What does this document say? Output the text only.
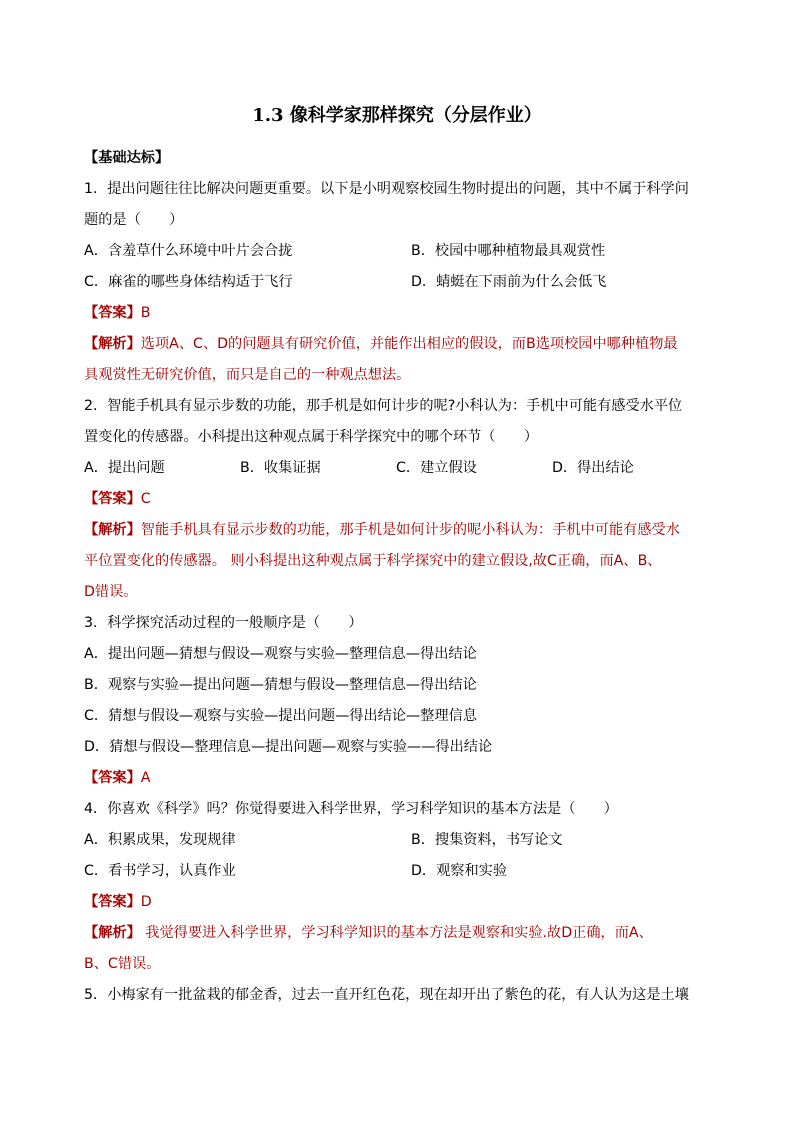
1.3 像科学家那样探究（分层作业）
【基础达标】
1．提出问题往往比解决问题更重要。以下是小明观察校园生物时提出的问题，其中不属于科学问
题的是（　　）
A．含羞草什么环境中叶片会合拢	B．校园中哪种植物最具观赏性
C．麻雀的哪些身体结构适于飞行	D．蜻蜓在下雨前为什么会低飞
【答案】B
【解析】选项A、C、D的问题具有研究价值，并能作出相应的假设，而B选项校园中哪种植物最
具观赏性无研究价值，而只是自己的一种观点想法。
2．智能手机具有显示步数的功能，那手机是如何计步的呢?小科认为：手机中可能有感受水平位
置变化的传感器。小科提出这种观点属于科学探究中的哪个环节（　　）
A．提出问题	B．收集证据	C．建立假设	D．得出结论
【答案】C
【解析】智能手机具有显示步数的功能，那手机是如何计步的呢小科认为：手机中可能有感受水
平位置变化的传感器。 则小科提出这种观点属于科学探究中的建立假设,故C正确，而A、B、
D错误。
3．科学探究活动过程的一般顺序是（　　）
A．提出问题—猜想与假设—观察与实验—整理信息—得出结论
B．观察与实验—提出问题—猜想与假设—整理信息—得出结论
C．猜想与假设—观察与实验—提出问题—得出结论—整理信息
D．猜想与假设—整理信息—提出问题—观察与实验——得出结论
【答案】A
4．你喜欢《科学》吗？你觉得要进入科学世界，学习科学知识的基本方法是（　　）
A．积累成果，发现规律	B．搜集资料，书写论文
C．看书学习，认真作业	D．观察和实验
【答案】D
【解析】 我觉得要进入科学世界，学习科学知识的基本方法是观察和实验.故D正确，而A、
B、C错误。
5．小梅家有一批盆栽的郁金香，过去一直开红色花，现在却开出了紫色的花，有人认为这是土壤
